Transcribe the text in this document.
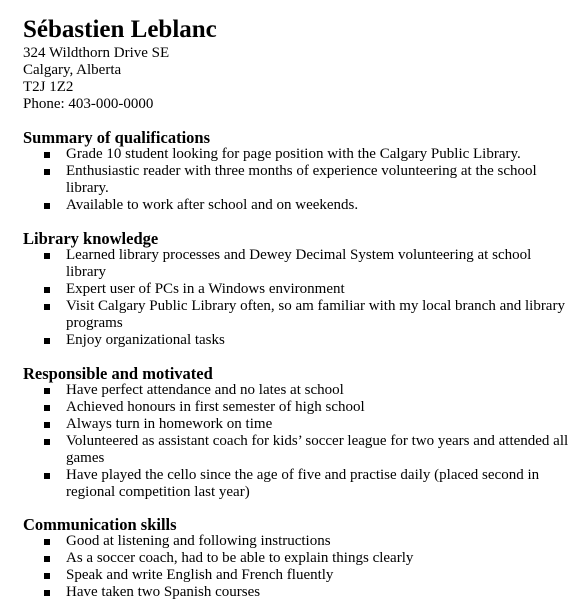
Sébastien Leblanc

324 Wildthorn Drive SE

Calgary, Alberta

T2J 1Z2

Phone: 403-000-0000

Summary of qualifications
Grade 10 student looking for page position with the Calgary Public Library.
Enthusiastic reader with three months of experience volunteering at the school library.
Available to work after school and on weekends.
Library knowledge
Learned library processes and Dewey Decimal System volunteering at school library
Expert user of PCs in a Windows environment
Visit Calgary Public Library often, so am familiar with my local branch and library programs
Enjoy organizational tasks
Responsible and motivated
Have perfect attendance and no lates at school
Achieved honours in first semester of high school
Always turn in homework on time
Volunteered as assistant coach for kids’ soccer league for two years and attended all games
Have played the cello since the age of five and practise daily (placed second in regional competition last year)
Communication skills
Good at listening and following instructions
As a soccer coach, had to be able to explain things clearly
Speak and write English and French fluently
Have taken two Spanish courses
